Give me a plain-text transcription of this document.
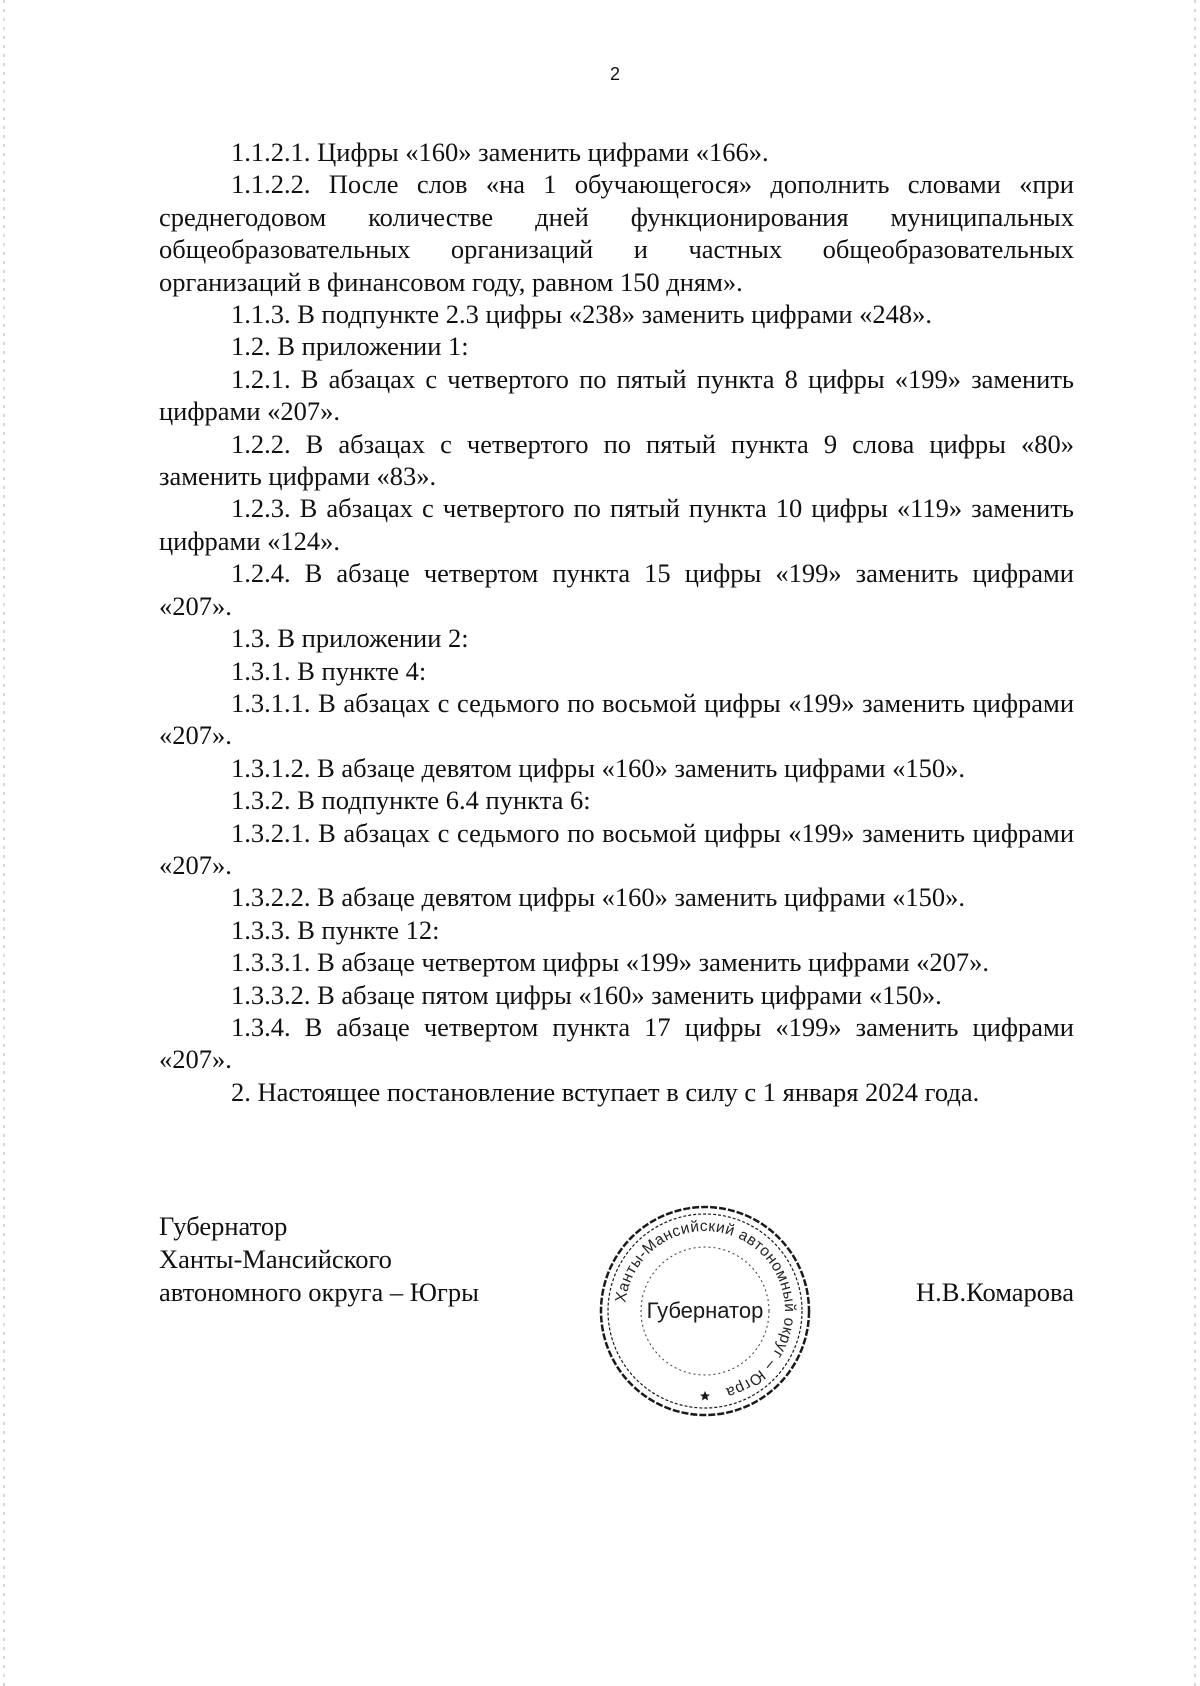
2

1.1.2.1. Цифры «160» заменить цифрами «166».

1.1.2.2. После слов «на 1 обучающегося» дополнить словами «при среднегодовом количестве дней функционирования муниципальных общеобразовательных организаций и частных общеобразовательных организаций в финансовом году, равном 150 дням».

1.1.3. В подпункте 2.3 цифры «238» заменить цифрами «248».

1.2. В приложении 1:

1.2.1. В абзацах с четвертого по пятый пункта 8 цифры «199» заменить цифрами «207».

1.2.2. В абзацах с четвертого по пятый пункта 9 слова цифры «80» заменить цифрами «83».

1.2.3. В абзацах с четвертого по пятый пункта 10 цифры «119» заменить цифрами «124».

1.2.4. В абзаце четвертом пункта 15 цифры «199» заменить цифрами «207».

1.3. В приложении 2:

1.3.1. В пункте 4:

1.3.1.1. В абзацах с седьмого по восьмой цифры «199» заменить цифрами «207».

1.3.1.2. В абзаце девятом цифры «160» заменить цифрами «150».

1.3.2. В подпункте 6.4 пункта 6:

1.3.2.1. В абзацах с седьмого по восьмой цифры «199» заменить цифрами «207».

1.3.2.2. В абзаце девятом цифры «160» заменить цифрами «150».

1.3.3. В пункте 12:

1.3.3.1. В абзаце четвертом цифры «199» заменить цифрами «207».

1.3.3.2. В абзаце пятом цифры «160» заменить цифрами «150».

1.3.4. В абзаце четвертом пункта 17 цифры «199» заменить цифрами «207».

2. Настоящее постановление вступает в силу с 1 января 2024 года.

Губернатор
Ханты-Мансийского
автономного округа – Югры	Ханты-Мансийский автономный округ – Югра
Губернатор
Н.В.Комарова
